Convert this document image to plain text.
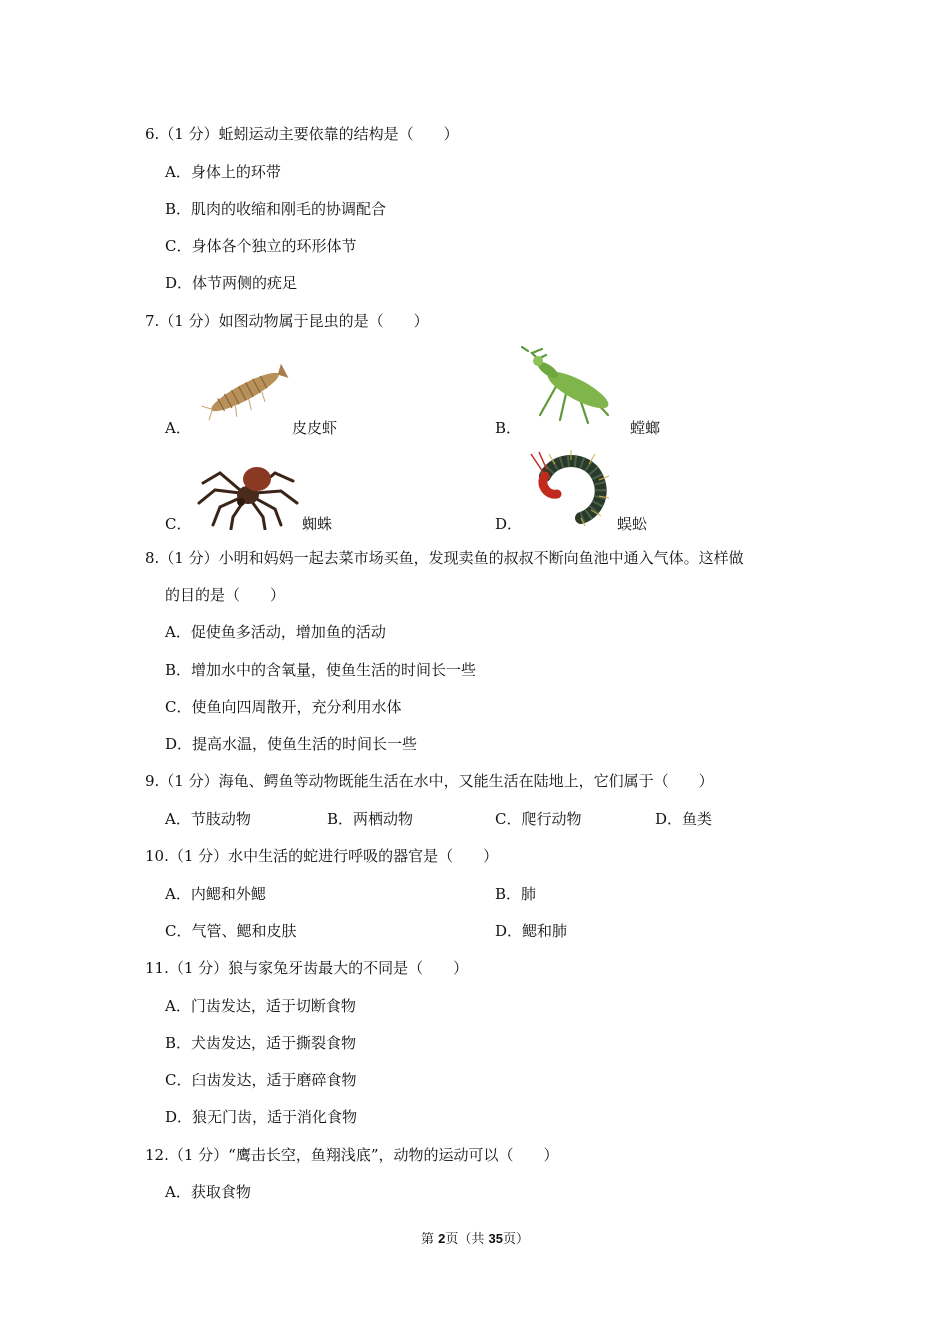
6.（1 分）蚯蚓运动主要依靠的结构是（　　）
A．身体上的环带
B．肌肉的收缩和刚毛的协调配合
C．身体各个独立的环形体节
D．体节两侧的疣足
7.（1 分）如图动物属于昆虫的是（　　）
A．	皮皮虾	B．	螳螂
C．	蜘蛛	D．	蜈蚣
8.（1 分）小明和妈妈一起去菜市场买鱼，发现卖鱼的叔叔不断向鱼池中通入气体。这样做
的目的是（　　）
A．促使鱼多活动，增加鱼的活动
B．增加水中的含氧量，使鱼生活的时间长一些
C．使鱼向四周散开，充分利用水体
D．提高水温，使鱼生活的时间长一些
9.（1 分）海龟、鳄鱼等动物既能生活在水中，又能生活在陆地上，它们属于（　　）
A．节肢动物	B．两栖动物	C．爬行动物	D．鱼类
10.（1 分）水中生活的蛇进行呼吸的器官是（　　）
A．内鳃和外鳃	B．肺
C．气管、鳃和皮肤	D．鳃和肺
11.（1 分）狼与家兔牙齿最大的不同是（　　）
A．门齿发达，适于切断食物
B．犬齿发达，适于撕裂食物
C．臼齿发达，适于磨碎食物
D．狼无门齿，适于消化食物
12.（1 分）“鹰击长空，鱼翔浅底”，动物的运动可以（　　）
A．获取食物
第 2页（共 35页）
